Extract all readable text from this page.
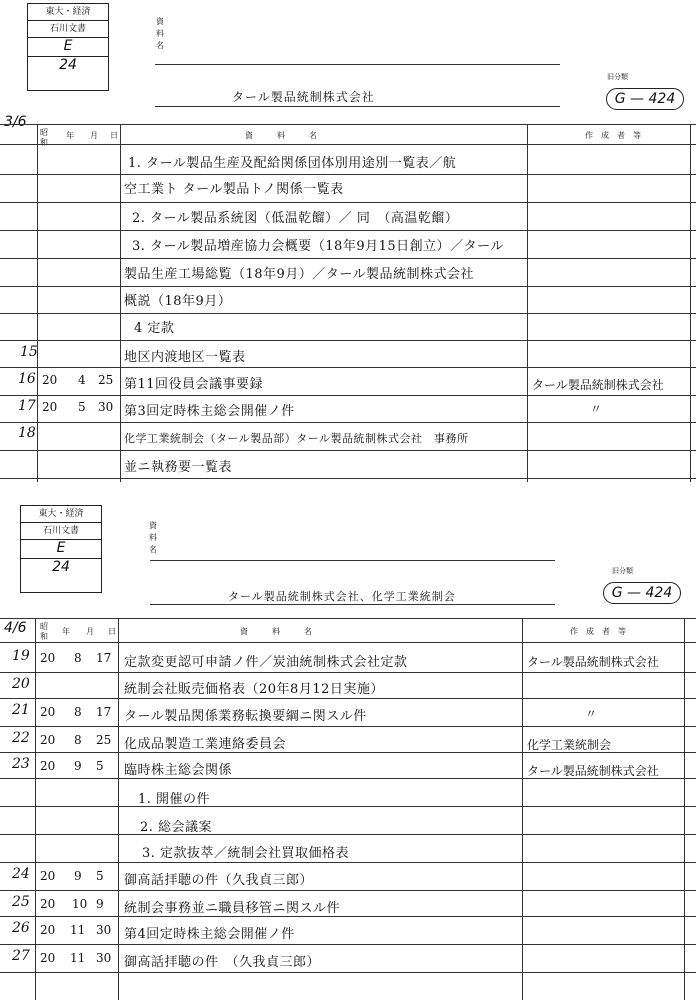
東大・経済
石川文書
E
24
資
料
名
タール製品統制株式会社
旧分類
G — 424
3/6
昭和
年 月 日	資　　　料　　　名	作　成　者　等
1. タール製品生産及配給関係団体別用途別一覧表／航
空工業ト タール製品トノ関係一覧表
2. タール製品系統図（低温乾餾）／ 同　（高温乾餾）
3. タール製品増産協力会概要（18年9月15日創立）／タール
製品生産工場総覧（18年9月）／タール製品統制株式会社
概説（18年9月）
4 定款
15	地区内渡地区一覧表
16 20 4 25 第11回役員会議事要録	タール製品統制株式会社
17 20 5 30 第3回定時株主総会開催ノ件	〃
18	化学工業統制会（タール製品部）タール製品統制株式会社　事務所
並ニ執務要一覧表
東大・経済
石川文書
E
24
資
料
名
タール製品統制株式会社、化学工業統制会
旧分類
G — 424
4/6 昭和
年 月 日	資　　　料　　　名	作　成　者　等
19 20 8 17 定款変更認可申請ノ件／炭油統制株式会社定款	タール製品統制株式会社
20	統制会社販売価格表（20年8月12日実施）
21 20 8 17 タール製品関係業務転換要綱ニ関スル件	〃
22 20 8 25 化成品製造工業連絡委員会	化学工業統制会
23 20 9 5 臨時株主総会関係	タール製品統制株式会社
1. 開催の件
2. 総会議案
3. 定款抜萃／統制会社買取価格表
24 20 9 5 御高話拝聴の件（久我貞三郎）
25 20 10 9 統制会事務並ニ職員移管ニ関スル件
26 20 11 30 第4回定時株主総会開催ノ件
27 20 11 30 御高話拝聴の件　（久我貞三郎）
